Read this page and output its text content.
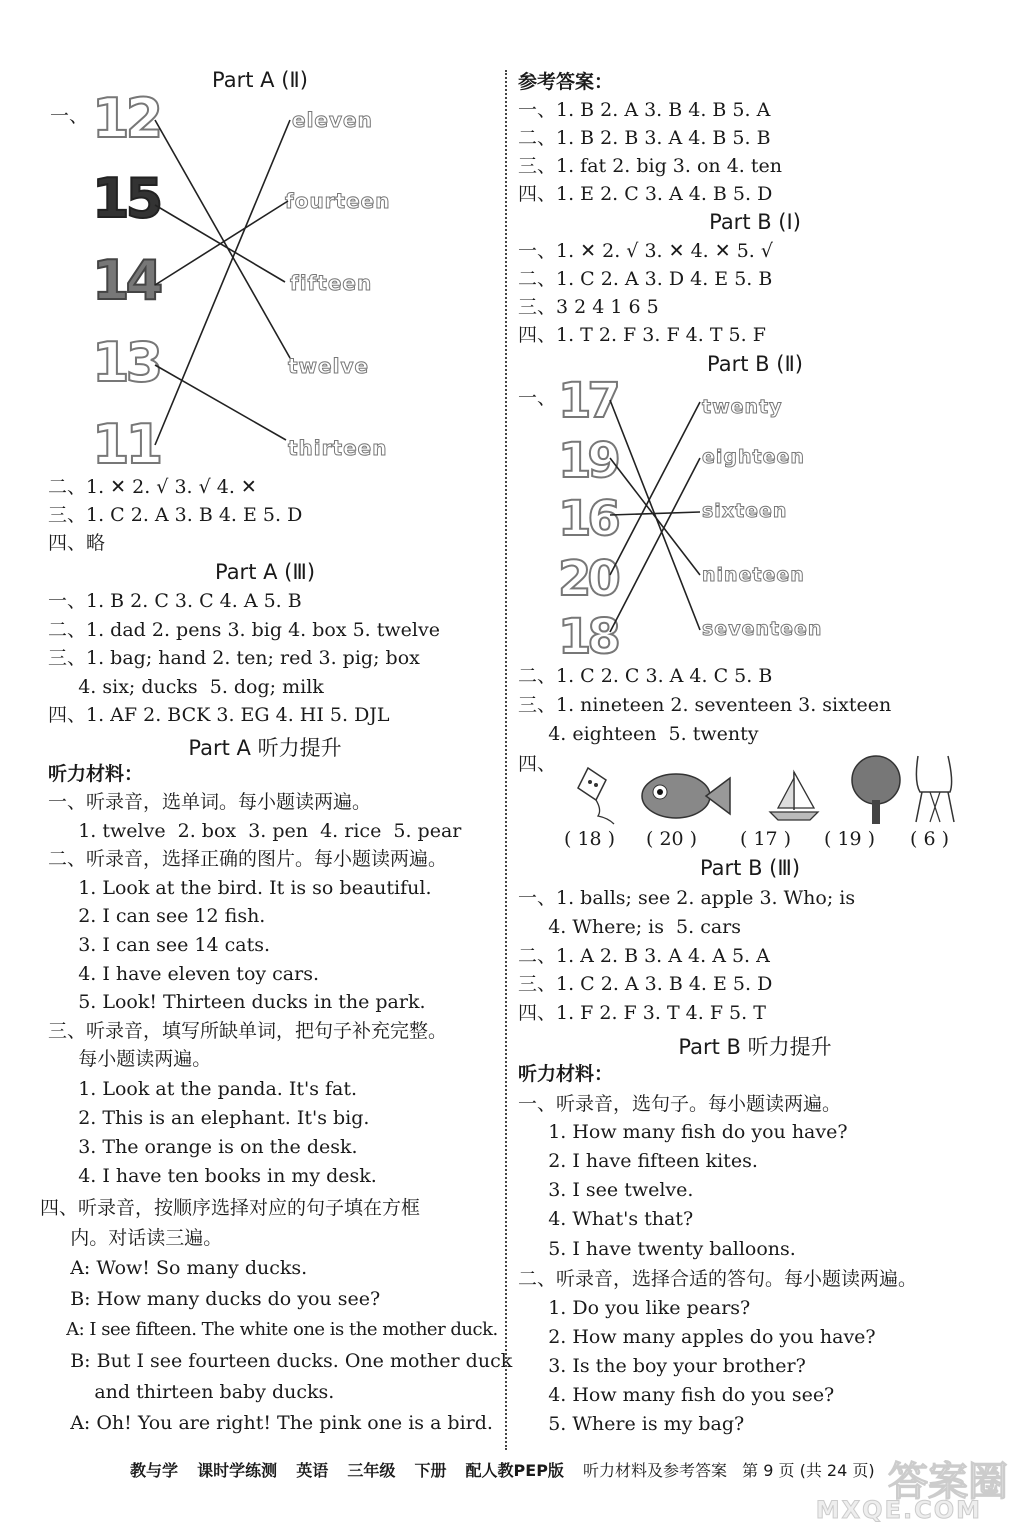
Part A (Ⅱ)
一、 12
15
14
13
11
eleven
fourteen
fifteen
twelve
thirteen
二、1. ✕ 2. √ 3. √ 4. ✕
三、1. C 2. A 3. B 4. E 5. D
四、略
Part A (Ⅲ)
一、1. B 2. C 3. C 4. A 5. B
二、1. dad 2. pens 3. big 4. box 5. twelve
三、1. bag; hand 2. ten; red 3. pig; box
4. six; ducks  5. dog; milk
四、1. AF 2. BCK 3. EG 4. HI 5. DJL
Part A 听力提升
听力材料：
一、听录音，选单词。每小题读两遍。
1. twelve  2. box  3. pen  4. rice  5. pear
二、听录音，选择正确的图片。每小题读两遍。
1. Look at the bird. It is so beautiful.
2. I can see 12 fish.
3. I can see 14 cats.
4. I have eleven toy cars.
5. Look! Thirteen ducks in the park.
三、听录音，填写所缺单词，把句子补充完整。
每小题读两遍。
1. Look at the panda. It's fat.
2. This is an elephant. It's big.
3. The orange is on the desk.
4. I have ten books in my desk.
四、听录音，按顺序选择对应的句子填在方框
内。对话读三遍。
A: Wow! So many ducks.
B: How many ducks do you see?
A: I see fifteen. The white one is the mother duck.
B: But I see fourteen ducks. One mother duck
and thirteen baby ducks.
A: Oh! You are right! The pink one is a bird.
参考答案：
一、1. B 2. A 3. B 4. B 5. A
二、1. B 2. B 3. A 4. B 5. B
三、1. fat 2. big 3. on 4. ten
四、1. E 2. C 3. A 4. B 5. D
Part B (Ⅰ)
一、1. ✕ 2. √ 3. ✕ 4. ✕ 5. √
二、1. C 2. A 3. D 4. E 5. B
三、3 2 4 1 6 5
四、1. T 2. F 3. F 4. T 5. F
Part B (Ⅱ)
一、 17
19
16
20
18
twenty
eighteen
sixteen
nineteen
seventeen
二、1. C 2. C 3. A 4. C 5. B
三、1. nineteen 2. seventeen 3. sixteen
4. eighteen  5. twenty
四、
( 18 ) ( 20 ) ( 17 ) ( 19 ) ( 6 )
Part B (Ⅲ)
一、1. balls; see 2. apple 3. Who; is
4. Where; is  5. cars
二、1. A 2. B 3. A 4. A 5. A
三、1. C 2. A 3. B 4. E 5. D
四、1. F 2. F 3. T 4. F 5. T
Part B 听力提升
听力材料：
一、听录音，选句子。每小题读两遍。
1. How many fish do you have?
2. I have fifteen kites.
3. I see twelve.
4. What's that?
5. I have twenty balloons.
二、听录音，选择合适的答句。每小题读两遍。
1. Do you like pears?
2. How many apples do you have?
3. Is the boy your brother?
4. How many fish do you see?
5. Where is my bag?
教与学 课时学练测 英语 三年级 下册 配人教PEP版 听力材料及参考答案 第 9 页 (共 24 页) 答案圈
MXQE.COM
